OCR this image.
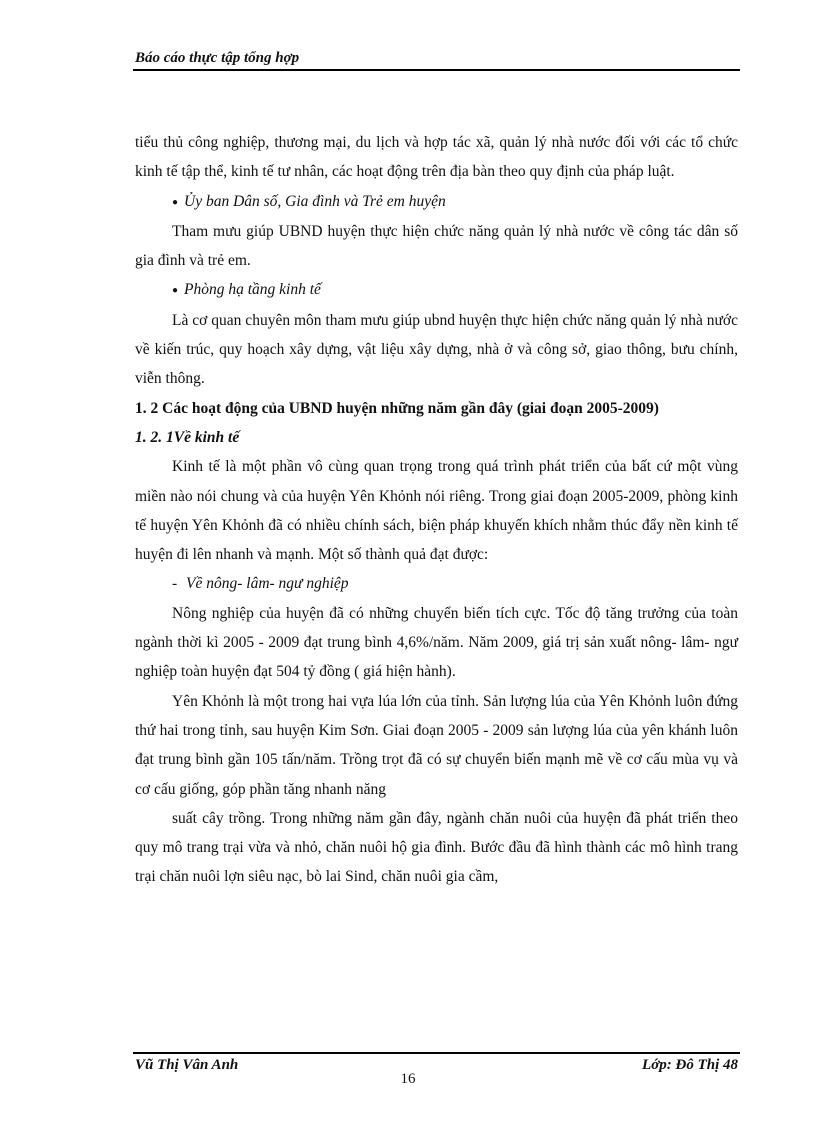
Báo cáo thực tập tổng hợp

tiểu thủ công nghiệp, thương mại, du lịch và hợp tác xã, quản lý nhà nước đối với các tổ chức kinh tế tập thể, kinh tế tư nhân, các hoạt động trên địa bàn theo quy định của pháp luật.

● Ủy ban Dân số, Gia đình và Trẻ em huyện

Tham mưu giúp UBND huyện thực hiện chức năng quản lý nhà nước về công tác dân số gia đình và trẻ em.

● Phòng hạ tầng kinh tế

Là cơ quan chuyên môn tham mưu giúp ubnd huyện thực hiện chức năng quản lý nhà nước về kiến trúc, quy hoạch xây dựng, vật liệu xây dựng, nhà ở và công sở, giao thông, bưu chính, viễn thông.

1. 2 Các hoạt động của UBND huyện những năm gần đây (giai đoạn 2005-2009)

1. 2. 1Về kinh tế

Kinh tế là một phần vô cùng quan trọng trong quá trình phát triển của bất cứ một vùng miền nào nói chung và của huyện Yên Khỏnh nói riêng. Trong giai đoạn 2005-2009, phòng kinh tế huyện Yên Khỏnh đã có nhiều chính sách, biện pháp khuyến khích nhằm thúc đẩy nền kinh tế huyện đi lên nhanh và mạnh. Một số thành quả đạt được:

- Về nông- lâm- ngư nghiệp

Nông nghiệp của huyện đã có những chuyển biến tích cực. Tốc độ tăng trưởng của toàn ngành thời kì 2005 - 2009 đạt trung bình 4,6%/năm. Năm 2009, giá trị sản xuất nông- lâm- ngư nghiệp toàn huyện đạt 504 tỷ đồng ( giá hiện hành).

Yên Khỏnh là một trong hai vựa lúa lớn của tỉnh. Sản lượng lúa của Yên Khỏnh luôn đứng thứ hai trong tỉnh, sau huyện Kim Sơn. Giai đoạn 2005 - 2009 sản lượng lúa của yên khánh luôn đạt trung bình gần 105 tấn/năm. Trồng trọt đã có sự chuyển biến mạnh mẽ về cơ cấu mùa vụ và cơ cấu giống, góp phần tăng nhanh năng

suất cây trồng. Trong những năm gần đây, ngành chăn nuôi của huyện đã phát triển theo quy mô trang trại vừa và nhỏ, chăn nuôi hộ gia đình. Bước đầu đã hình thành các mô hình trang trại chăn nuôi lợn siêu nạc, bò lai Sind, chăn nuôi gia cầm,

Vũ Thị Vân Anh	Lớp: Đô Thị 48
16
